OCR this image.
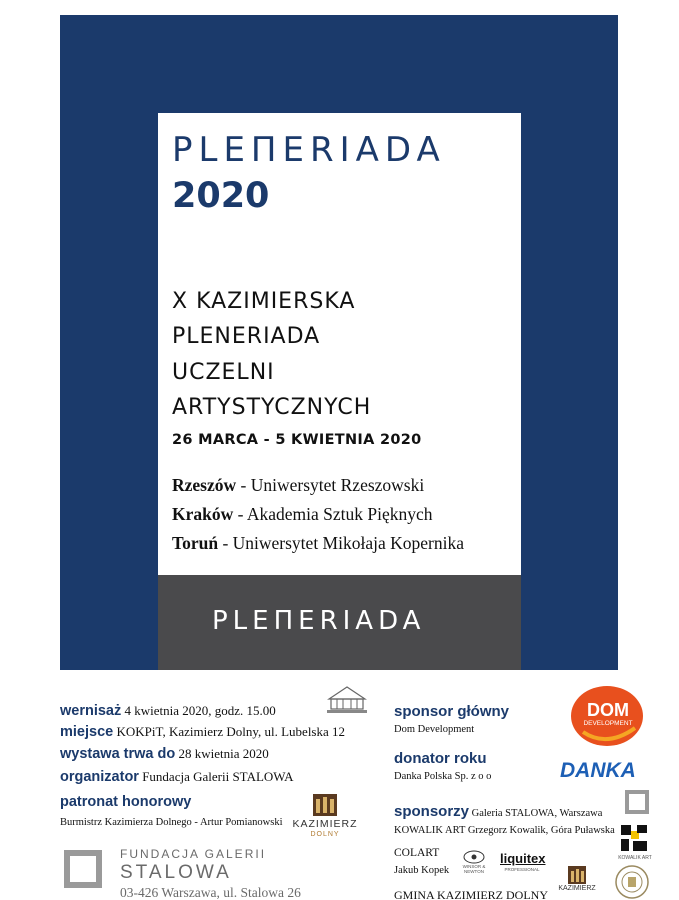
PLEΠERIADA
2020
X KAZIMIERSKA
PLENERIADA
UCZELNI
ARTYSTYCZNYCH
26 MARCA - 5 KWIETNIA 2020
Rzeszów - Uniwersytet Rzeszowski
Kraków - Akademia Sztuk Pięknych
Toruń - Uniwersytet Mikołaja Kopernika
PLEΠERIADA
wernisaż 4 kwietnia 2020, godz. 15.00
miejsce KOKPiT, Kazimierz Dolny, ul. Lubelska 12
wystawa trwa do 28 kwietnia 2020
organizator Fundacja Galerii STALOWA
patronat honorowy
Burmistrz Kazimierza Dolnego - Artur Pomianowski KAZIMIERZ
DOLNY
sponsor główny
Dom Development
donator roku
Danka Polska Sp. z o o
sponsorzy Galeria STALOWA, Warszawa
KOWALIK ART Grzegorz Kowalik, Góra Puławska
COLART
Jakub Kopek
GMINA KAZIMIERZ DOLNY
DOM
DEVELOPMENT
DANKA
KOWALIK ART
WINSOR & NEWTON
liquitex
PROFESSIONAL
KAZIMIERZ
FUNDACJA GALERII
STALOWA
03-426 Warszawa, ul. Stalowa 26
